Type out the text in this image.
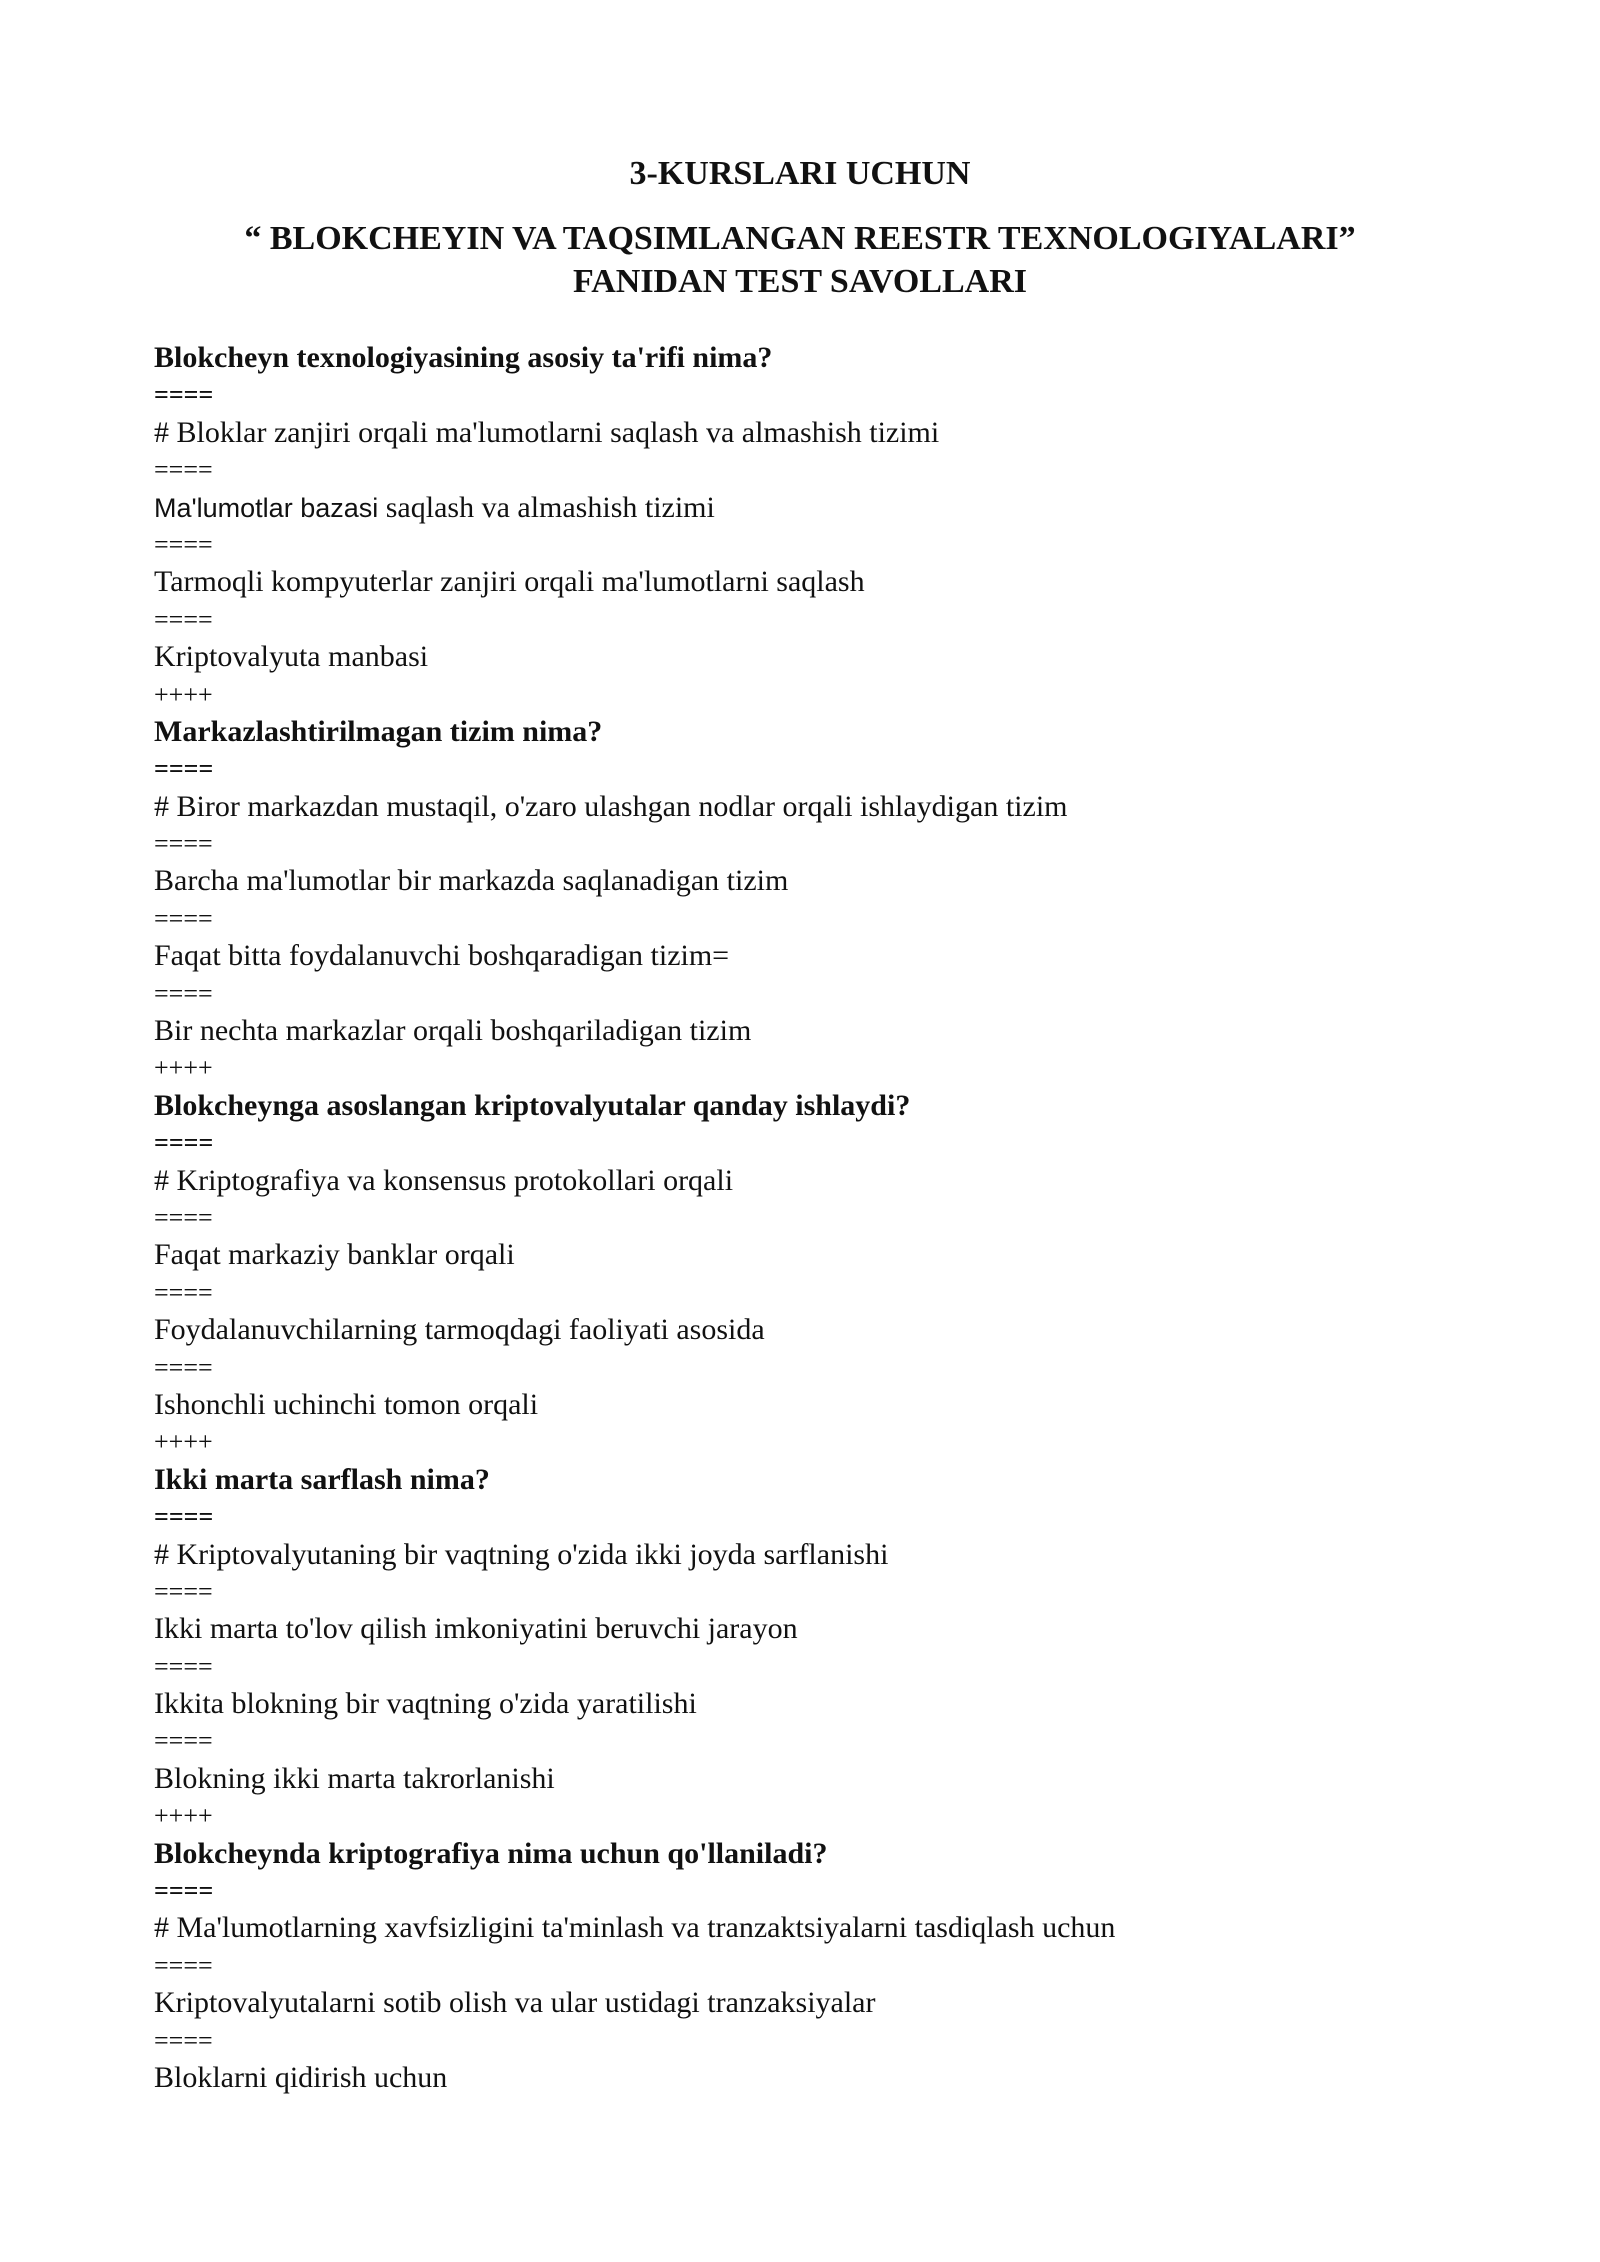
3-KURSLARI UCHUN
“ BLOKCHEYIN VA TAQSIMLANGAN REESTR TEXNOLOGIYALARI”
FANIDAN TEST SAVOLLARI
Blokcheyn texnologiyasining asosiy ta'rifi nima?
====
# Bloklar zanjiri orqali ma'lumotlarni saqlash va almashish tizimi
====
Ma'lumotlar bazasi saqlash va almashish tizimi
====
Tarmoqli kompyuterlar zanjiri orqali ma'lumotlarni saqlash
====
Kriptovalyuta manbasi
++++
Markazlashtirilmagan tizim nima?
====
# Biror markazdan mustaqil, o'zaro ulashgan nodlar orqali ishlaydigan tizim
====
Barcha ma'lumotlar bir markazda saqlanadigan tizim
====
Faqat bitta foydalanuvchi boshqaradigan tizim=
====
Bir nechta markazlar orqali boshqariladigan tizim
++++
Blokcheynga asoslangan kriptovalyutalar qanday ishlaydi?
====
# Kriptografiya va konsensus protokollari orqali
====
Faqat markaziy banklar orqali
====
Foydalanuvchilarning tarmoqdagi faoliyati asosida
====
Ishonchli uchinchi tomon orqali
++++
Ikki marta sarflash nima?
====
# Kriptovalyutaning bir vaqtning o'zida ikki joyda sarflanishi
====
Ikki marta to'lov qilish imkoniyatini beruvchi jarayon
====
Ikkita blokning bir vaqtning o'zida yaratilishi
====
Blokning ikki marta takrorlanishi
++++
Blokcheynda kriptografiya nima uchun qo'llaniladi?
====
# Ma'lumotlarning xavfsizligini ta'minlash va tranzaktsiyalarni tasdiqlash uchun
====
Kriptovalyutalarni sotib olish va ular ustidagi tranzaksiyalar
====
Bloklarni qidirish uchun
